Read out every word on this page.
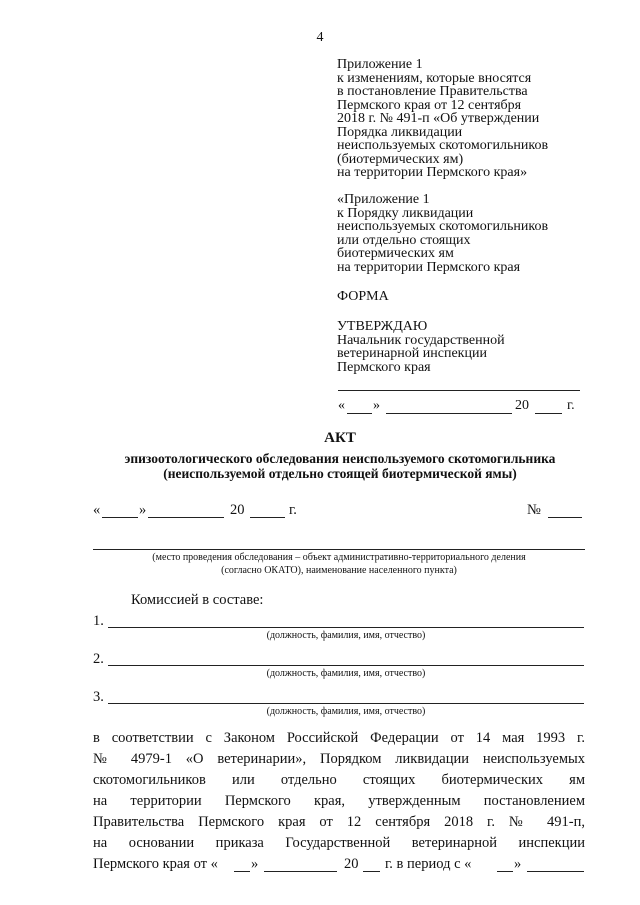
4
Приложение 1
к изменениям, которые вносятся
в постановление Правительства
Пермского края от 12 сентября
2018 г. № 491-п «Об утверждении
Порядка ликвидации
неиспользуемых скотомогильников
(биотермических ям)
на территории Пермского края»
«Приложение 1
к Порядку ликвидации
неиспользуемых скотомогильников
или отдельно стоящих
биотермических ям
на территории Пермского края
ФОРМА
УТВЕРЖДАЮ
Начальник государственной
ветеринарной инспекции
Пермского края
« »	20	г.
АКТ
эпизоотологического обследования неиспользуемого скотомогильника
(неиспользуемой отдельно стоящей биотермической ямы)
«	»	20	г.	№
(место проведения обследования – объект административно-территориального деления
(согласно ОКАТО), наименование населенного пункта)
Комиссией в составе:
1.
(должность, фамилия, имя, отчество)
2.
(должность, фамилия, имя, отчество)
3.
(должность, фамилия, имя, отчество)
в соответствии с Законом Российской Федерации от 14 мая 1993 г.
№ 4979-1 «О ветеринарии», Порядком ликвидации неиспользуемых
скотомогильников или отдельно стоящих биотермических ям
на территории Пермского края, утвержденным постановлением
Правительства Пермского края от 12 сентября 2018 г. № 491-п,
на основании приказа Государственной ветеринарной инспекции
Пермского края от « »	20 г. в период с «	»
